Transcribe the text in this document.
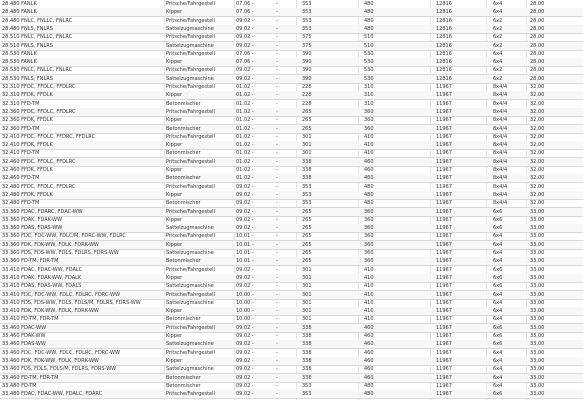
28.480 FANLK	Pritsche/Fahrgestell	07.06 -	-	353	480	12816	6x4	28,00
28.480 FANLK	Kipper	07.06 -	-	353	480	12816	6x4	28,00
28.480 FNLC, FNLLC, FNLRC	Pritsche/Fahrgestell	09.02 -	-	353	480	12816	6x2	28,00
28.480 FNLS, FNLRS	Sattelzugmaschine	09.02 -	-	353	480	12816	6x2	28,00
28.510 FNLC, FNLLC, FNLRC	Pritsche/Fahrgestell	09.02 -	-	375	510	12816	6x2	28,00
28.510 FNLS, FNLRS	Sattelzugmaschine	09.02 -	-	375	510	12816	6x2	28,00
28.530 FANLK	Pritsche/Fahrgestell	07.06 -	-	390	530	12816	6x4	28,00
28.530 FANLK	Kipper	07.06 -	-	390	530	12816	6x4	28,00
28.530 FNLC, FNLLC, FNLRC	Pritsche/Fahrgestell	09.02 -	-	390	530	12816	6x2	28,00
28.530 FNLS, FNLRS	Sattelzugmaschine	09.02 -	-	390	530	12816	6x2	28,00
32.310 FFDC, FFDLC, FFDLRC	Pritsche/Fahrgestell	01.02 -	-	228	310	11967	8x4/4	32,00
32.310 FFDK, FFDLK	Kipper	01.02 -	-	228	310	11967	8x4/4	32,00
32.310 FFD-TM	Betonmischer	01.02 -	-	228	310	11967	8x4/4	32,00
32.360 FFDC, FFDLC, FFDLRC	Pritsche/Fahrgestell	01.02 -	-	265	360	11967	8x4/4	32,00
32.360 FFDK, FFDLK	Kipper	01.02 -	-	265	360	11967	8x4/4	32,00
32.360 FFD-TM	Betonmischer	01.02 -	-	265	360	11967	8x4/4	32,00
32.410 FFDC, FFDLC, FFDRC, FFDLRC	Pritsche/Fahrgestell	01.02 -	-	301	410	11967	8x4/4	32,00
32.410 FFDK, FFDLK	Kipper	01.02 -	-	301	410	11967	8x4/4	32,00
32.410 FFD-TM	Betonmischer	01.02 -	-	301	410	11967	8x4/4	32,00
32.460 FFDC, FFDLC, FFDLRC	Pritsche/Fahrgestell	01.02 -	-	338	460	11967	8x4/4	32,00
32.460 FFDK, FFDLK	Kipper	01.02 -	-	338	460	11967	8x4/4	32,00
32.460 FFD-TM	Betonmischer	01.02 -	-	338	460	11967	8x4/4	32,00
32.480 FFDC, FFDLC, FFDLRC	Pritsche/Fahrgestell	09.02 -	-	353	480	11967	8x4/4	32,00
32.480 FFDK, FFDLK	Kipper	09.02 -	-	353	480	11967	8x4/4	32,00
32.480 FFD-TM	Betonmischer	09.02 -	-	353	480	11967	8x4/4	32,00
33.360 FDAC, FDARC, FDAC-WW	Pritsche/Fahrgestell	09.02 -	-	265	360	11967	6x6	33,00
33.360 FDAK, FDAK-WW	Kipper	09.02 -	-	265	360	11967	6x6	33,00
33.360 FDAS, FDAS-WW	Sattelzugmaschine	09.02 -	-	265	360	11967	6x6	33,00
33.360 FDC, FDC-WW, FDLC/M, FDRC-WW, FDLRC	Pritsche/Fahrgestell	10.01 -	-	265	360	11967	6x4	33,00
33.360 FDK, FDK-WW, FDLK, FDRK-WW	Kipper	10.01 -	-	265	360	11967	6x4	33,00
33.360 FDS, FDS-WW, FDLS, FDLRS, FDRS-WW	Sattelzugmaschine	10.01 -	-	265	360	11967	6x4	33,00
33.360 FD-TM, FDR-TM	Betonmischer	10.01 -	-	265	360	11967	6x4	33,00
33.410 FDAC, FDAC-WW, FDALC	Pritsche/Fahrgestell	09.02 -	-	301	410	11967	6x6	33,00
33.410 FDAK, FDAK-WW, FDALK	Kipper	09.02 -	-	301	410	11967	6x6	33,00
33.410 FDAS, FDAS-WW, FDALS	Sattelzugmaschine	09.02 -	-	301	410	11967	6x6	33,00
33.410 FDC, FDC-WW, FDLC, FDLRC, FDRC-WW	Pritsche/Fahrgestell	10.00 -	-	301	410	11967	6x4	33,00
33.410 FDS, FDS-WW, FDLS, FDLS/M, FDLRS, FDRS-WW	Sattelzugmaschine	10.00 -	-	301	410	11967	6x4	33,00
33.410 FDK, FDK-WW, FDLK, FDRK-WW	Kipper	10.00 -	-	301	410	11967	6x4	33,00
33.410 FD-TM, FDR-TM	Betonmischer	10.00 -	-	301	410	11967	6x4	33,00
33.460 FDAC-WW	Pritsche/Fahrgestell	09.02 -	-	338	460	11967	6x6	33,00
33.460 FDAK-WW	Kipper	09.02 -	-	338	460	11967	6x6	33,00
33.460 FDAS-WW	Sattelzugmaschine	09.02 -	-	338	460	11967	6x6	33,00
33.460 FDC, FDC-WW, FDLC, FDLRC, FDRC-WW	Pritsche/Fahrgestell	09.02 -	-	338	460	11967	6x4	33,00
33.460 FDK, FDK-WW, FDLK, FDRK-WW	Kipper	09.02 -	-	338	460	11967	6x4	33,00
33.460 FDS, FDLS, FDLS/M, FDLRS, FDRS-WW	Sattelzugmaschine	09.02 -	-	338	460	11967	6x4	33,00
33.460 FD-TM, FDR-TM	Betonmischer	09.02 -	-	338	460	11967	6x4	33,00
33.480 FD-TM	Betonmischer	09.02 -	-	353	480	11967	6x4	33,00
33.480 FDAC, FDAC-WW, FDALC, FDARC	Pritsche/Fahrgestell	09.02 -	-	353	480	11967	6x6	33,00
